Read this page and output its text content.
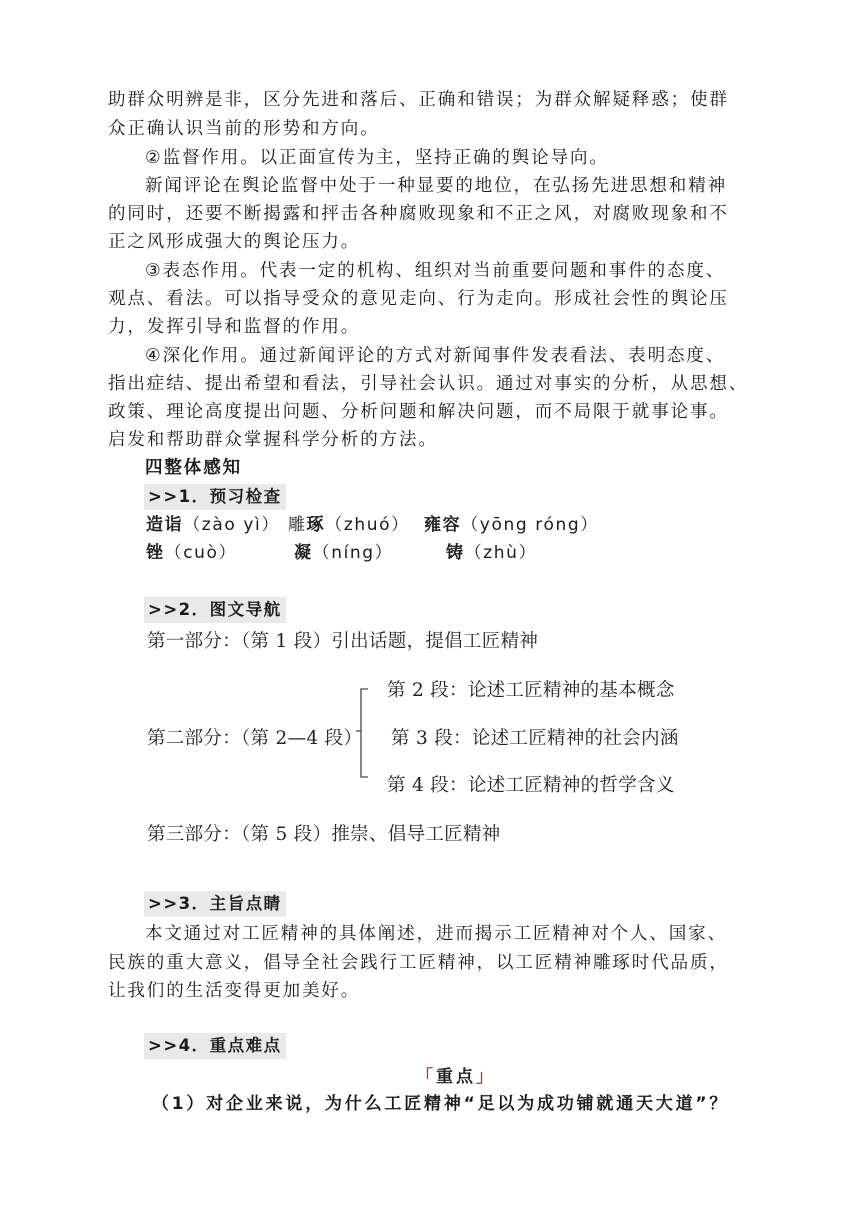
助群众明辨是非，区分先进和落后、正确和错误；为群众解疑释惑；使群
众正确认识当前的形势和方向。
②监督作用。以正面宣传为主，坚持正确的舆论导向。
新闻评论在舆论监督中处于一种显要的地位，在弘扬先进思想和精神
的同时，还要不断揭露和抨击各种腐败现象和不正之风，对腐败现象和不
正之风形成强大的舆论压力。
③表态作用。代表一定的机构、组织对当前重要问题和事件的态度、
观点、看法。可以指导受众的意见走向、行为走向。形成社会性的舆论压
力，发挥引导和监督的作用。
④深化作用。通过新闻评论的方式对新闻事件发表看法、表明态度、
指出症结、提出希望和看法，引导社会认识。通过对事实的分析，从思想、
政策、理论高度提出问题、分析问题和解决问题，而不局限于就事论事。
启发和帮助群众掌握科学分析的方法。
四整体感知
>>1．预习检查
造诣（zào yì） 雕琢（zhuó） 雍容（yōng róng）
锉（cuò）	凝（níng）	铸（zhù）
>>2．图文导航
第一部分：（第 1 段）引出话题，提倡工匠精神
第二部分：（第 2—4 段）
第 2 段：论述工匠精神的基本概念
第 3 段：论述工匠精神的社会内涵
第 4 段：论述工匠精神的哲学含义
第三部分：（第 5 段）推崇、倡导工匠精神
>>3．主旨点睛
本文通过对工匠精神的具体阐述，进而揭示工匠精神对个人、国家、
民族的重大意义，倡导全社会践行工匠精神，以工匠精神雕琢时代品质，
让我们的生活变得更加美好。
>>4．重点难点
「重点」
（1）对企业来说，为什么工匠精神“足以为成功铺就通天大道”？
